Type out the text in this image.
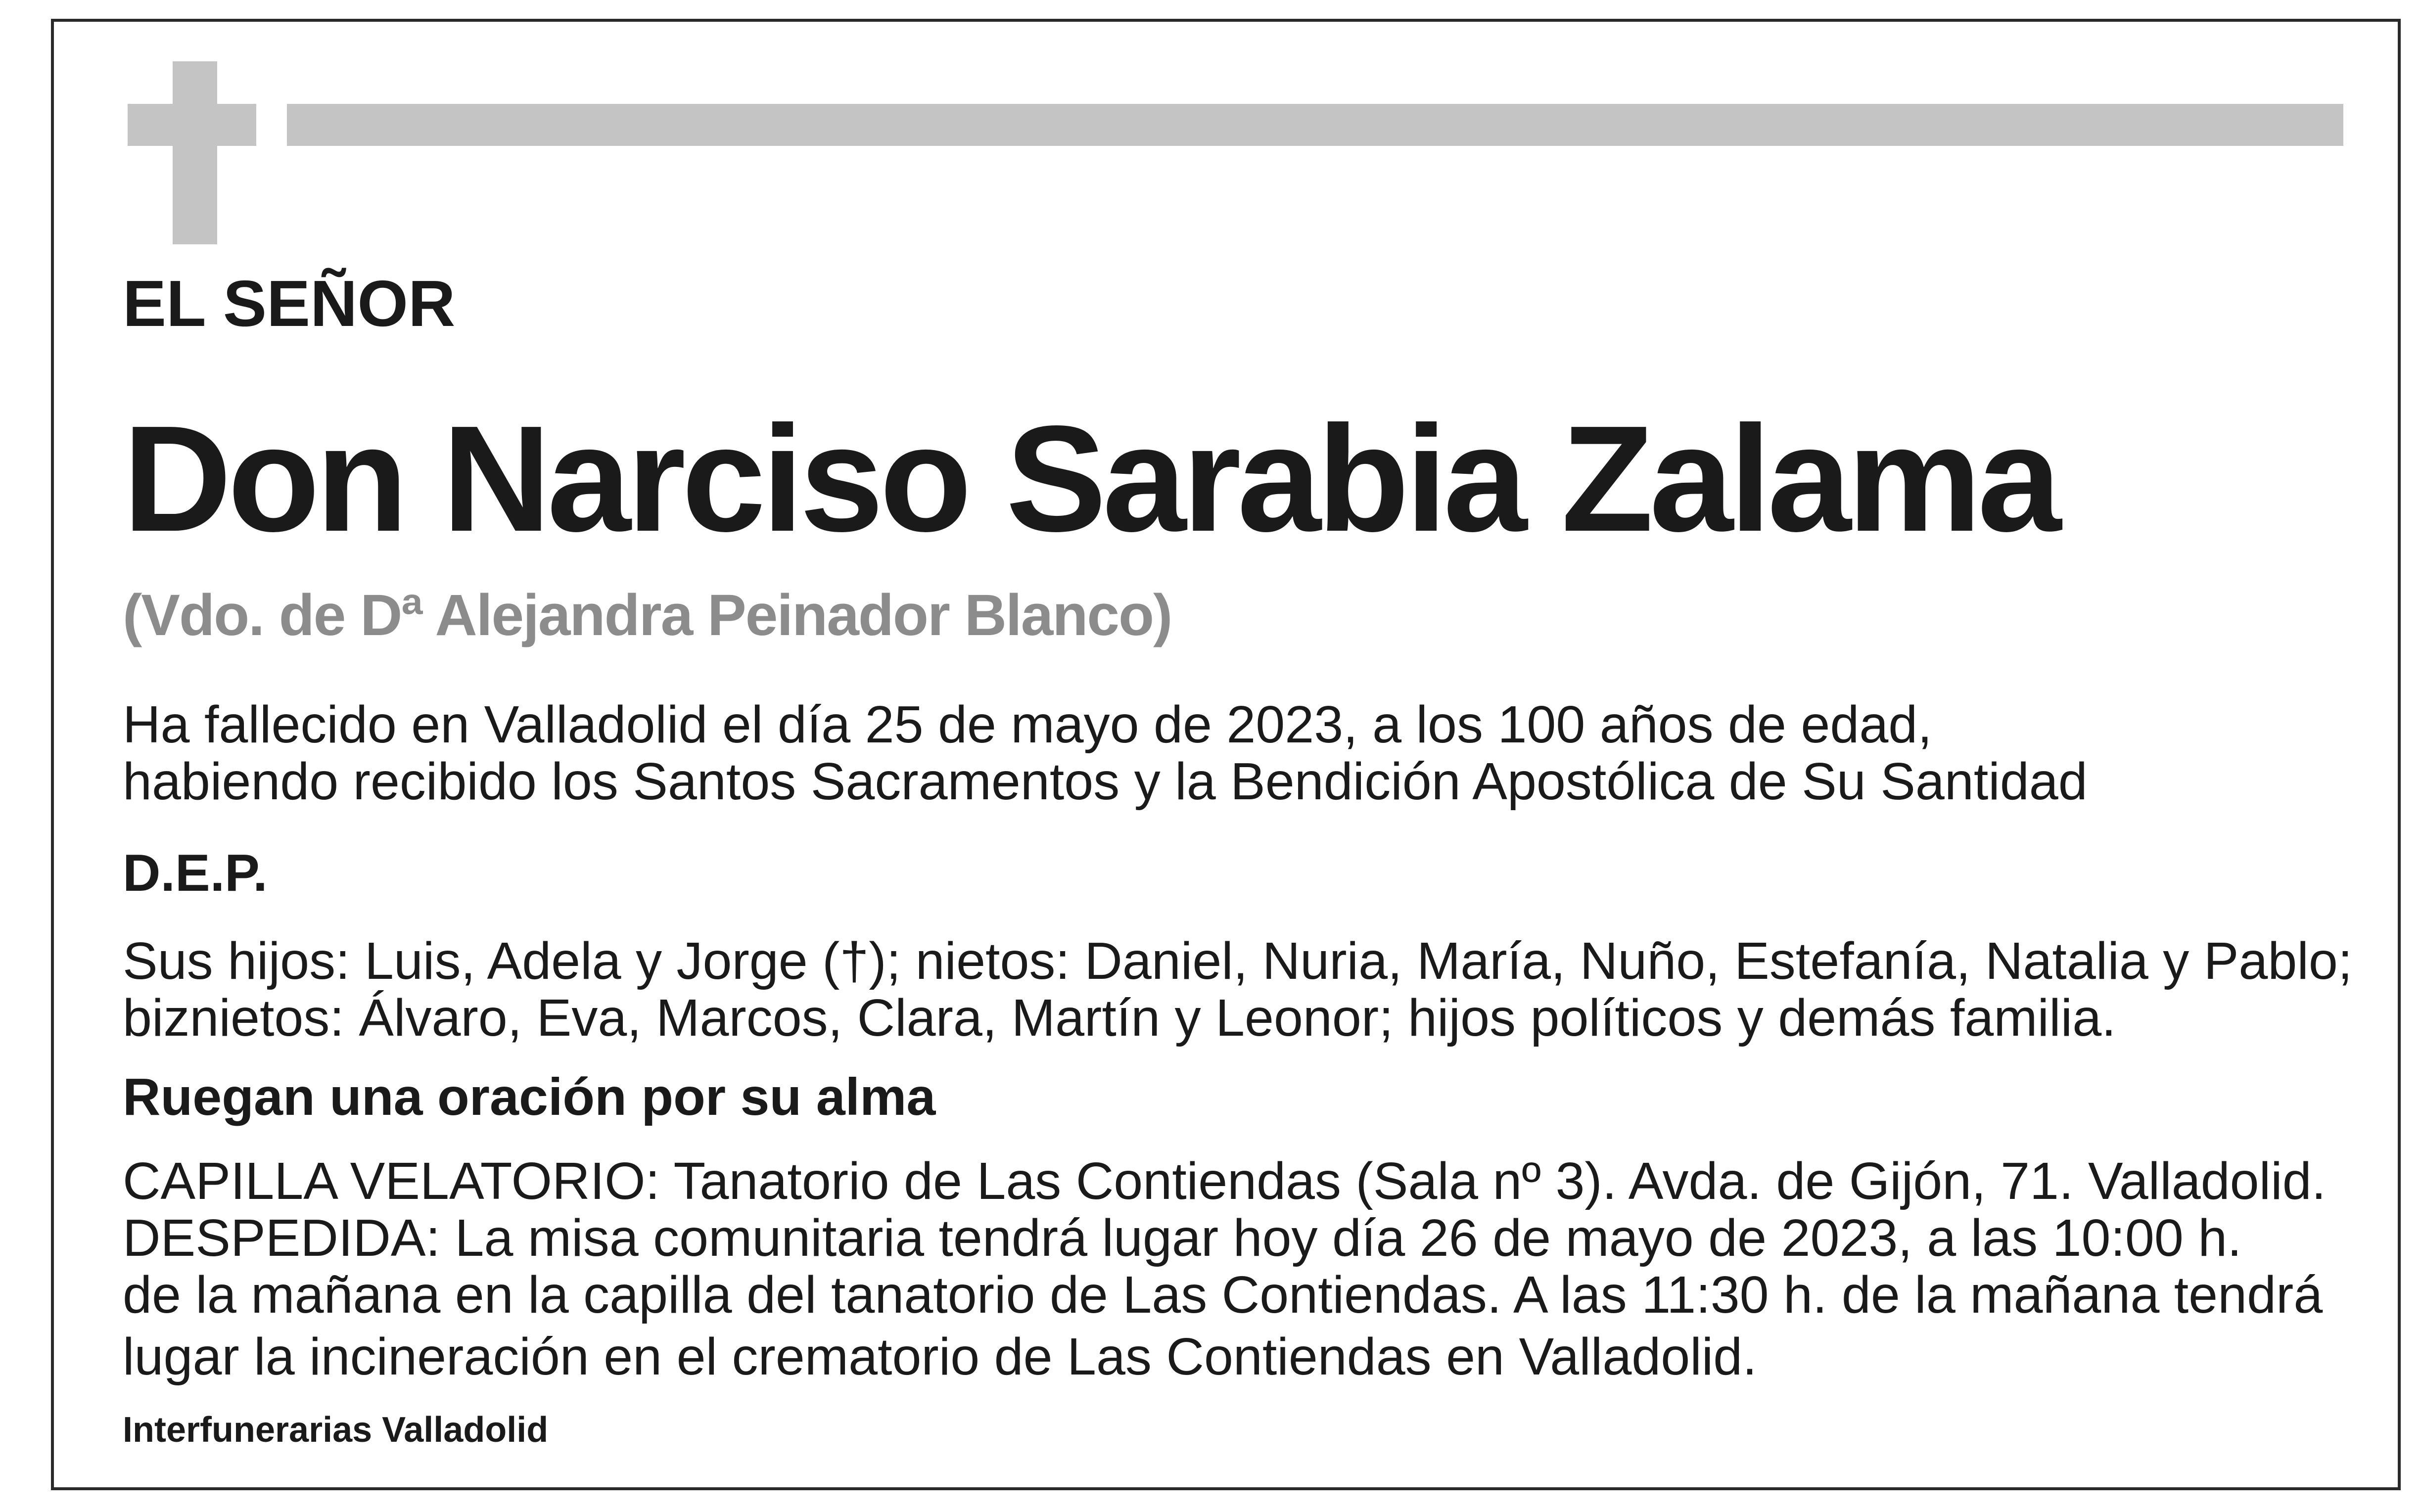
EL SEÑOR
Don Narciso Sarabia Zalama
(Vdo. de Dª Alejandra Peinador Blanco)
Ha fallecido en Valladolid el día 25 de mayo de 2023, a los 100 años de edad,
habiendo recibido los Santos Sacramentos y la Bendición Apostólica de Su Santidad
D.E.P.
Sus hijos: Luis, Adela y Jorge (†); nietos: Daniel, Nuria, María, Nuño, Estefanía, Natalia y Pablo;
biznietos: Álvaro, Eva, Marcos, Clara, Martín y Leonor; hijos políticos y demás familia.
Ruegan una oración por su alma
CAPILLA VELATORIO: Tanatorio de Las Contiendas (Sala nº 3). Avda. de Gijón, 71. Valladolid.
DESPEDIDA: La misa comunitaria tendrá lugar hoy día 26 de mayo de 2023, a las 10:00 h.
de la mañana en la capilla del tanatorio de Las Contiendas. A las 11:30 h. de la mañana tendrá
lugar la incineración en el crematorio de Las Contiendas en Valladolid.
Interfunerarias Valladolid
